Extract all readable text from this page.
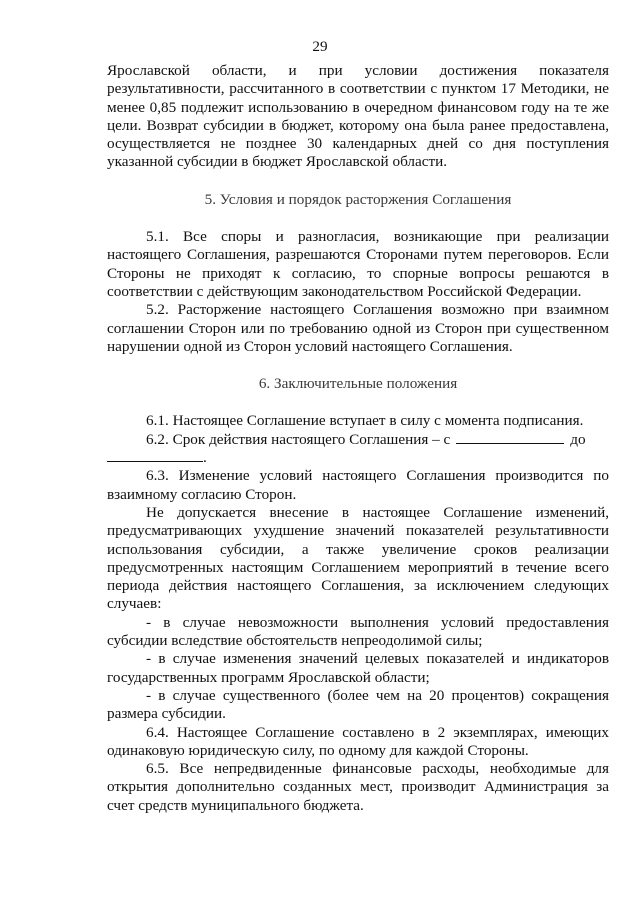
29

Ярославской области, и при условии достижения показателя результативности, рассчитанного в соответствии с пунктом 17 Методики, не менее 0,85 подлежит использованию в очередном финансовом году на те же цели. Возврат субсидии в бюджет, которому она была ранее предоставлена, осуществляется не позднее 30 календарных дней со дня поступления указанной субсидии в бюджет Ярославской области.

5. Условия и порядок расторжения Соглашения

5.1. Все споры и разногласия, возникающие при реализации настоящего Соглашения, разрешаются Сторонами путем переговоров. Если Стороны не приходят к согласию, то спорные вопросы решаются в соответствии с действующим законодательством Российской Федерации.

5.2. Расторжение настоящего Соглашения возможно при взаимном соглашении Сторон или по требованию одной из Сторон при существенном нарушении одной из Сторон условий настоящего Соглашения.

6. Заключительные положения

6.1. Настоящее Соглашение вступает в силу с момента подписания.

6.2. Срок действия настоящего Соглашения – с	до
.

6.3. Изменение условий настоящего Соглашения производится по взаимному согласию Сторон.

Не допускается внесение в настоящее Соглашение изменений, предусматривающих ухудшение значений показателей результативности использования субсидии, а также увеличение сроков реализации предусмотренных настоящим Соглашением мероприятий в течение всего периода действия настоящего Соглашения, за исключением следующих случаев:

- в случае невозможности выполнения условий предоставления субсидии вследствие обстоятельств непреодолимой силы;

- в случае изменения значений целевых показателей и индикаторов государственных программ Ярославской области;

- в случае существенного (более чем на 20 процентов) сокращения размера субсидии.

6.4. Настоящее Соглашение составлено в 2 экземплярах, имеющих одинаковую юридическую силу, по одному для каждой Стороны.

6.5. Все непредвиденные финансовые расходы, необходимые для открытия дополнительно созданных мест, производит Администрация за счет средств муниципального бюджета.
